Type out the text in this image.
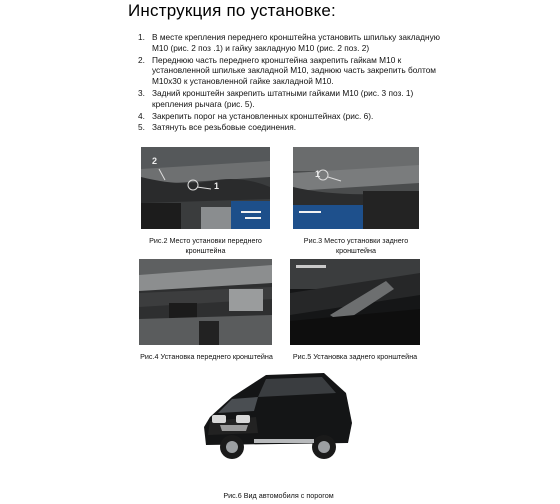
Инструкция по установке:
1. В месте крепления переднего кронштейна установить шпильку закладную М10 (рис. 2 поз .1) и гайку закладную М10 (рис. 2 поз. 2)
2. Переднюю часть переднего кронштейна закрепить гайкам М10 к установленной шпильке закладной М10, заднюю часть закрепить болтом М10х30 к установленной гайке закладной М10.
3. Задний кронштейн закрепить штатными гайками М10 (рис. 3 поз. 1) крепления рычага (рис. 5).
4. Закрепить порог на установленных кронштейнах (рис. 6).
5. Затянуть все резьбовые соединения.
2
1
Рис.2 Место установки переднего
кронштейна
1
Рис.3 Место установки заднего
кронштейна
Рис.4 Установка переднего кронштейна	Рис.5 Установка заднего кронштейна
Рис.6 Вид автомобиля с порогом
